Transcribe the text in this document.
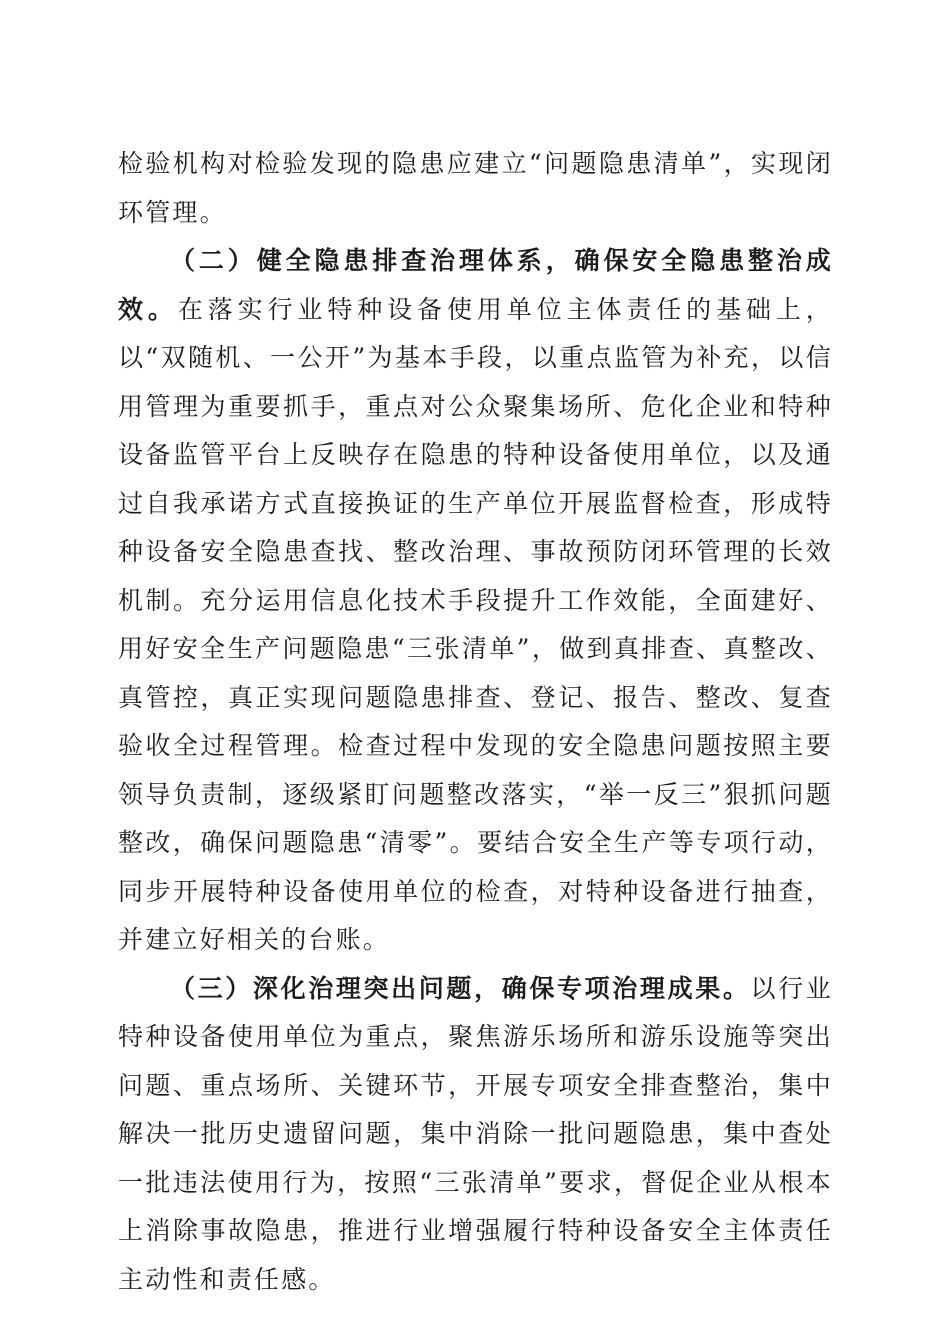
检验机构对检验发现的隐患应建立“问题隐患清单”，实现闭环管理。

（二）健全隐患排查治理体系，确保安全隐患整治成效。在落实行业特种设备使用单位主体责任的基础上，以“双随机、一公开”为基本手段，以重点监管为补充，以信用管理为重要抓手，重点对公众聚集场所、危化企业和特种设备监管平台上反映存在隐患的特种设备使用单位，以及通过自我承诺方式直接换证的生产单位开展监督检查，形成特种设备安全隐患查找、整改治理、事故预防闭环管理的长效机制。充分运用信息化技术手段提升工作效能，全面建好、用好安全生产问题隐患“三张清单”，做到真排查、真整改、真管控，真正实现问题隐患排查、登记、报告、整改、复查验收全过程管理。检查过程中发现的安全隐患问题按照主要领导负责制，逐级紧盯问题整改落实，“举一反三”狠抓问题整改，确保问题隐患“清零”。要结合安全生产等专项行动，同步开展特种设备使用单位的检查，对特种设备进行抽查，并建立好相关的台账。

（三）深化治理突出问题，确保专项治理成果。以行业特种设备使用单位为重点，聚焦游乐场所和游乐设施等突出问题、重点场所、关键环节，开展专项安全排查整治，集中解决一批历史遗留问题，集中消除一批问题隐患，集中查处一批违法使用行为，按照“三张清单”要求，督促企业从根本上消除事故隐患，推进行业增强履行特种设备安全主体责任主动性和责任感。
